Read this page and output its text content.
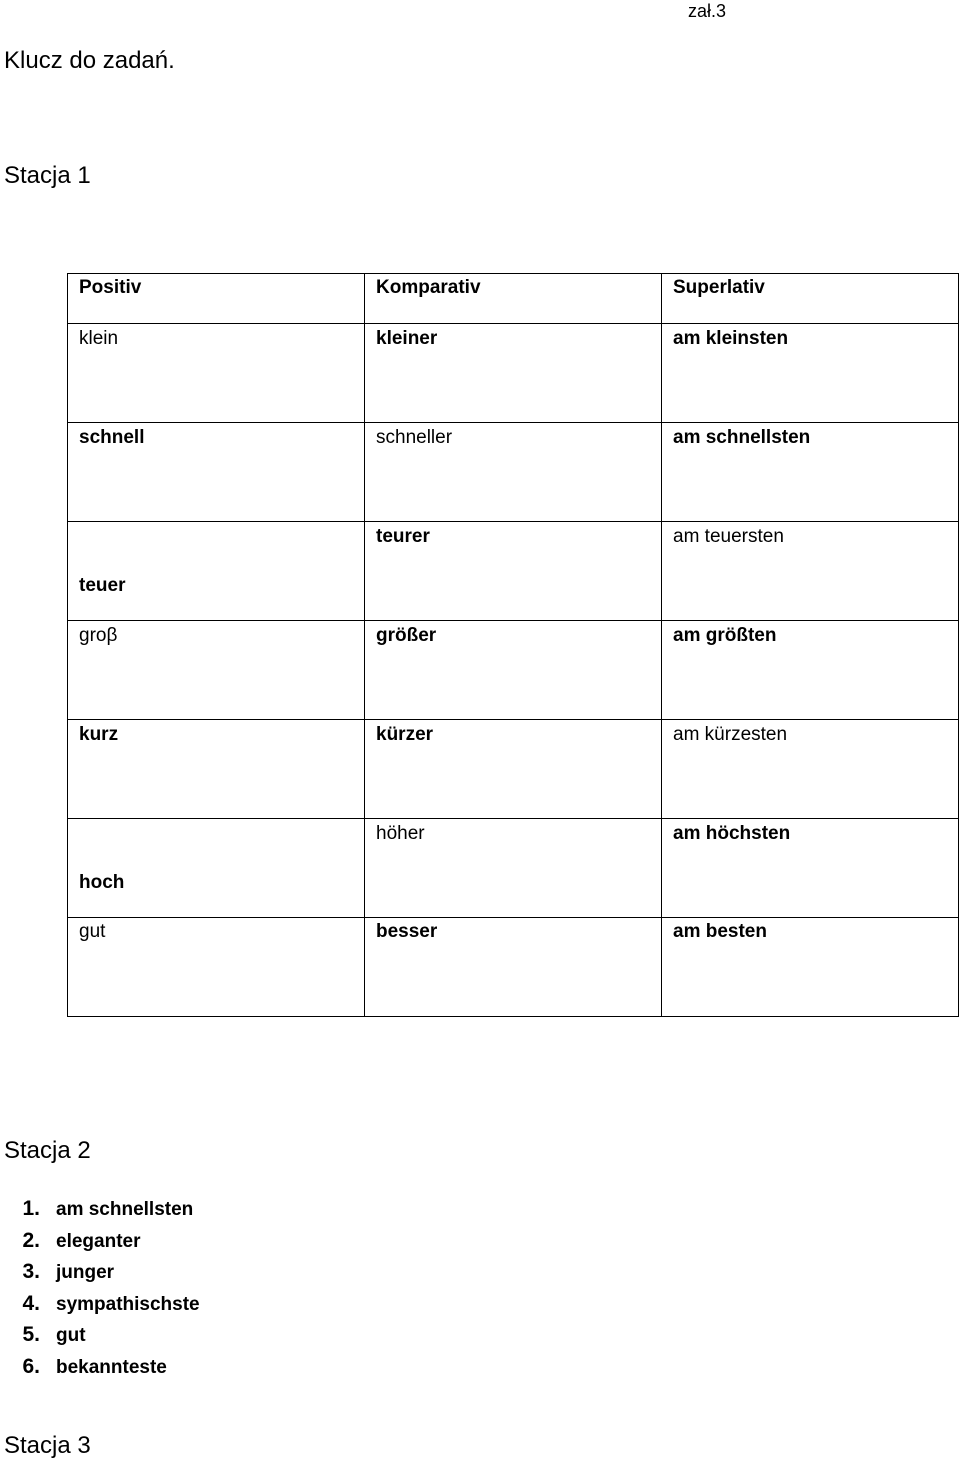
zał.3
Klucz do zadań.
Stacja 1
Positiv	Komparativ	Superlativ
klein	kleiner	am kleinsten
schnell	schneller	am schnellsten

teuer	teurer	am teuersten
groβ	größer	am größten
kurz	kürzer	am kürzesten

hoch	höher	am höchsten
gut	besser	am besten
Stacja 2
1. am schnellsten
2. eleganter
3. junger
4. sympathischste
5. gut
6. bekannteste
Stacja 3
